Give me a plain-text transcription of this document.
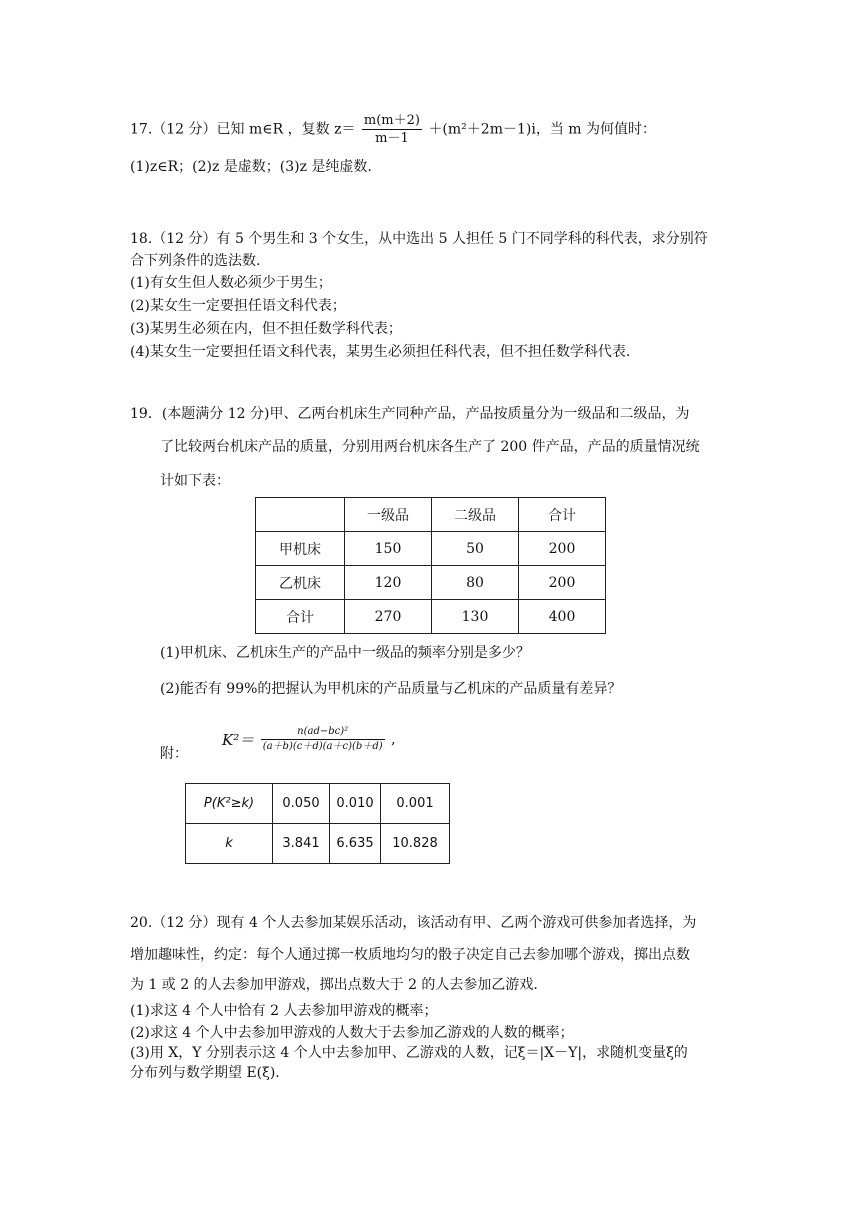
17.（12 分）已知 m∈R ，复数 $z= \frac{m(m+2)}{m-1} +(m^2+2m-1)i$，当 m 为何值时：
(1)z∈R；(2)z 是虚数；(3)z 是纯虚数.
18.（12 分）有 5 个男生和 3 个女生，从中选出 5 人担任 5 门不同学科的科代表，求分别符
合下列条件的选法数.
(1)有女生但人数必须少于男生；
(2)某女生一定要担任语文科代表；
(3)某男生必须在内，但不担任数学科代表；
(4)某女生一定要担任语文科代表，某男生必须担任科代表，但不担任数学科代表.
19．(本题满分 12 分)甲、乙两台机床生产同种产品，产品按质量分为一级品和二级品，为
了比较两台机床产品的质量，分别用两台机床各生产了 200 件产品，产品的质量情况统
计如下表：
	一级品	二级品	合计
甲机床	150	50	200
乙机床	120	80	200
合计	270	130	400
(1)甲机床、乙机床生产的产品中一级品的频率分别是多少？
(2)能否有 99%的把握认为甲机床的产品质量与乙机床的产品质量有差异？
附：
$K^2= \frac{\text{n(ad−bc)²}}{(a+b)(c+d)(a+c)(b+d)}$ ,
P(K²≥k)	0.050	0.010	0.001
k	3.841	6.635	10.828
20.（12 分）现有 4 个人去参加某娱乐活动，该活动有甲、乙两个游戏可供参加者选择，为
增加趣味性，约定：每个人通过掷一枚质地均匀的骰子决定自己去参加哪个游戏，掷出点数
为 1 或 2 的人去参加甲游戏，掷出点数大于 2 的人去参加乙游戏.
(1)求这 4 个人中恰有 2 人去参加甲游戏的概率；
(2)求这 4 个人中去参加甲游戏的人数大于去参加乙游戏的人数的概率；
(3)用 X，Y 分别表示这 4 个人中去参加甲、乙游戏的人数，记ξ＝|X－Y|，求随机变量ξ的
分布列与数学期望 E(ξ).
